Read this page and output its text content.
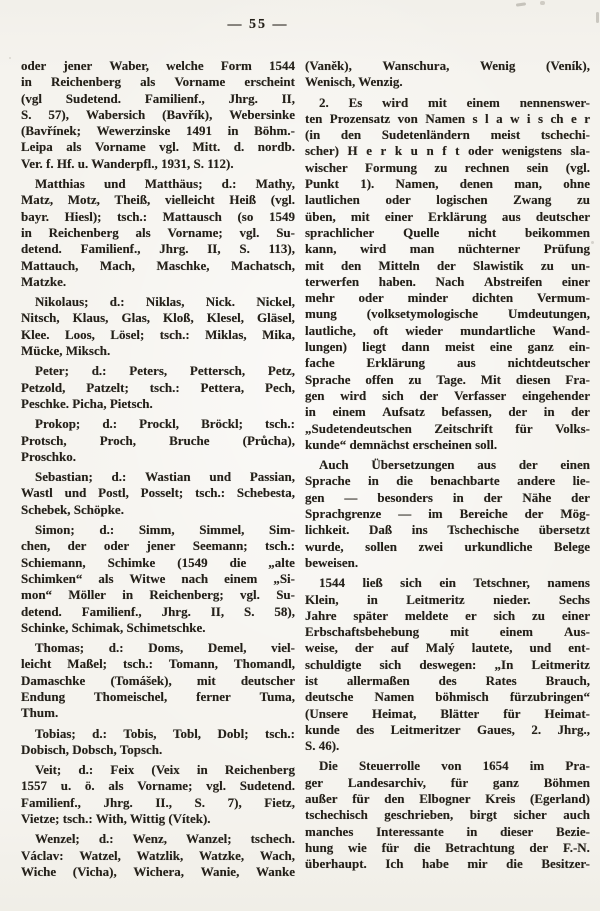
— 55 —
oder jener Waber, welche Form 1544
in Reichenberg als Vorname erscheint
(vgl Sudetend. Familienf., Jhrg. II,
S. 57), Wabersich (Bavřík), Webersinke
(Bavřínek; Wewerzinske 1491 in Böhm.-
Leipa als Vorname vgl. Mitt. d. nordb.
Ver. f. Hf. u. Wanderpfl., 1931, S. 112).
Matthias und Matthäus; d.: Mathy,
Matz, Motz, Theiß, vielleicht Heiß (vgl.
bayr. Hiesl); tsch.: Mattausch (so 1549
in Reichenberg als Vorname; vgl. Su-
detend. Familienf., Jhrg. II, S. 113),
Mattauch, Mach, Maschke, Machatsch,
Matzke.
Nikolaus; d.: Niklas, Nick. Nickel,
Nitsch, Klaus, Glas, Kloß, Klesel, Gläsel,
Klee. Loos, Lösel; tsch.: Miklas, Mika,
Mücke, Miksch.
Peter; d.: Peters, Pettersch, Petz,
Petzold, Patzelt; tsch.: Pettera, Pech,
Peschke. Picha, Pietsch.
Prokop; d.: Prockl, Bröckl; tsch.:
Protsch,	Proch,	Bruche	(Průcha),
Proschko.
Sebastian; d.: Wastian und Passian,
Wastl und Postl, Posselt; tsch.: Schebesta,
Schebek, Schöpke.
Simon; d.: Simm, Simmel, Sim-
chen, der oder jener Seemann; tsch.:
Schiemann, Schimke (1549 die „alte
Schimken“ als Witwe nach einem „Si-
mon“ Möller in Reichenberg; vgl. Su-
detend. Familienf., Jhrg. II, S. 58),
Schinke, Schimak, Schimetschke.
Thomas; d.: Doms, Demel, viel-
leicht Maßel; tsch.: Tomann, Thomandl,
Damaschke (Tomášek), mit deutscher
Endung Thomeischel, ferner Tuma,
Thum.
Tobias; d.: Tobis, Tobl, Dobl; tsch.:
Dobisch, Dobsch, Topsch.
Veit; d.: Feix (Veix in Reichenberg
1557 u. ö. als Vorname; vgl. Sudetend.
Familienf., Jhrg. II., S. 7), Fietz,
Vietze; tsch.: With, Wittig (Vítek).
Wenzel; d.: Wenz, Wanzel; tschech.
Václav: Watzel, Watzlik, Watzke, Wach,
Wiche (Vicha), Wichera, Wanie, Wanke
(Vaněk), Wanschura, Wenig (Veník),
Wenisch, Wenzig.
2. Es wird mit einem nennenswer-
ten Prozensatz von Namen s l a w i s ch e r
(in den Sudetenländern meist tschechi-
scher) H e r k u n f t oder wenigstens sla-
wischer Formung zu rechnen sein (vgl.
Punkt 1). Namen, denen man, ohne
lautlichen oder logischen Zwang zu
üben, mit einer Erklärung aus deutscher
sprachlicher Quelle nicht beikommen
kann, wird man nüchterner Prüfung
mit den Mitteln der Slawistik zu un-
terwerfen haben. Nach Abstreifen einer
mehr oder minder dichten Vermum-
mung (volksetymologische Umdeutungen,
lautliche, oft wieder mundartliche Wand-
lungen) liegt dann meist eine ganz ein-
fache Erklärung aus nichtdeutscher
Sprache offen zu Tage. Mit diesen Fra-
gen wird sich der Verfasser eingehender
in einem Aufsatz befassen, der in der
„Sudetendeutschen Zeitschrift für Volks-
kunde“ demnächst erscheinen soll.
Auch Übersetzungen aus der einen
Sprache in die benachbarte andere lie-
gen — besonders in der Nähe der
Sprachgrenze — im Bereiche der Mög-
lichkeit. Daß ins Tschechische übersetzt
wurde, sollen zwei urkundliche Belege
beweisen.
1544 ließ sich ein Tetschner, namens
Klein, in Leitmeritz nieder. Sechs
Jahre später meldete er sich zu einer
Erbschaftsbehebung mit einem Aus-
weise, der auf Malý lautete, und ent-
schuldigte sich deswegen: „In Leitmeritz
ist allermaßen des Rates Brauch,
deutsche Namen böhmisch fürzubringen“
(Unsere Heimat, Blätter für Heimat-
kunde des Leitmeritzer Gaues, 2. Jhrg.,
S. 46).
Die Steuerrolle von 1654 im Pra-
ger Landesarchiv, für ganz Böhmen
außer für den Elbogner Kreis (Egerland)
tschechisch geschrieben, birgt sicher auch
manches Interessante in dieser Bezie-
hung wie für die Betrachtung der F.-N.
überhaupt. Ich habe mir die Besitzer-
